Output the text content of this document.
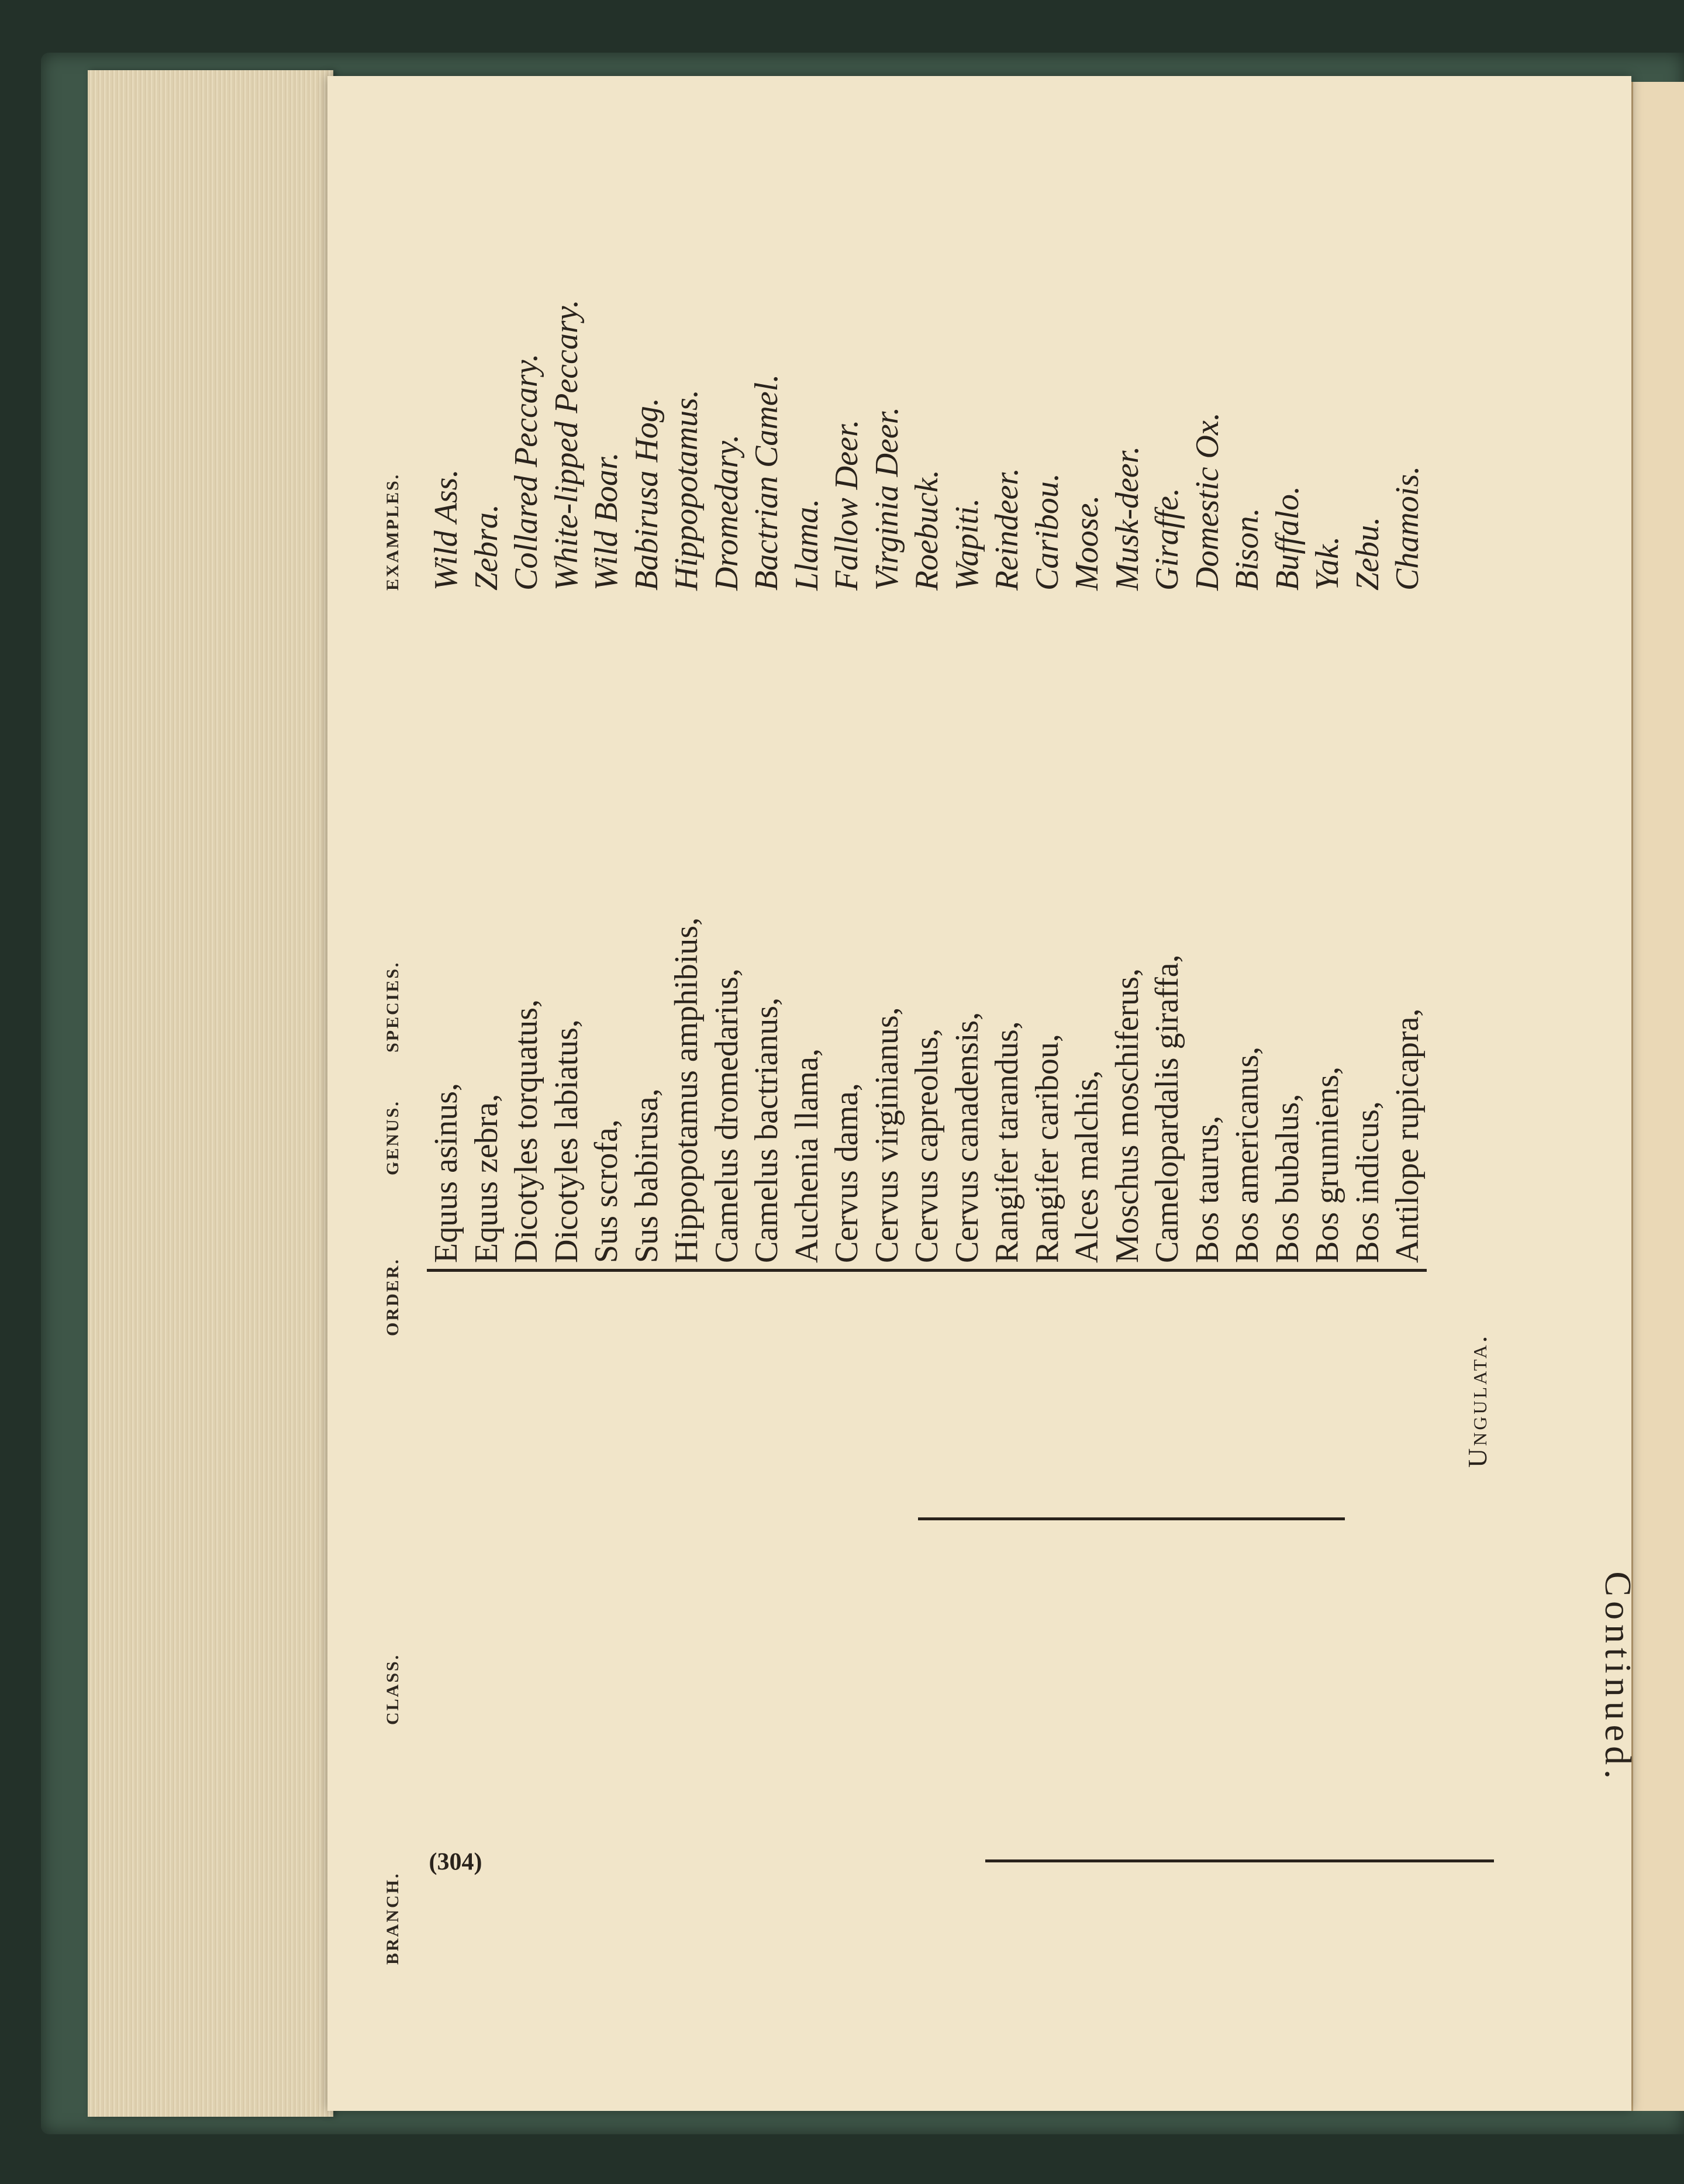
BRANCH.
CLASS.
ORDER.
GENUS.
SPECIES.
EXAMPLES.
Equus asinus,
Wild Ass.
Equus zebra,
Zebra.
Dicotyles torquatus,
Collared Peccary.
Dicotyles labiatus,
White-lipped Peccary.
Sus scrofa,
Wild Boar.
Sus babirusa,
Babirusa Hog.
Hippopotamus amphibius,
Hippopotamus.
Camelus dromedarius,
Dromedary.
Camelus bactrianus,
Bactrian Camel.
Auchenia llama,
Llama.
Cervus dama,
Fallow Deer.
Cervus virginianus,
Virginia Deer.
Cervus capreolus,
Roebuck.
Cervus canadensis,
Wapiti.
Rangifer tarandus,
Reindeer.
Rangifer caribou,
Caribou.
Alces malchis,
Moose.
Moschus moschiferus,
Musk-deer.
Camelopardalis giraffa,
Giraffe.
Bos taurus,
Domestic Ox.
Bos americanus,
Bison.
Bos bubalus,
Buffalo.
Bos grunniens,
Yak.
Bos indicus,
Zebu.
Antilope rupicapra,
Chamois.
Ungulata.
Continued.
(304)
